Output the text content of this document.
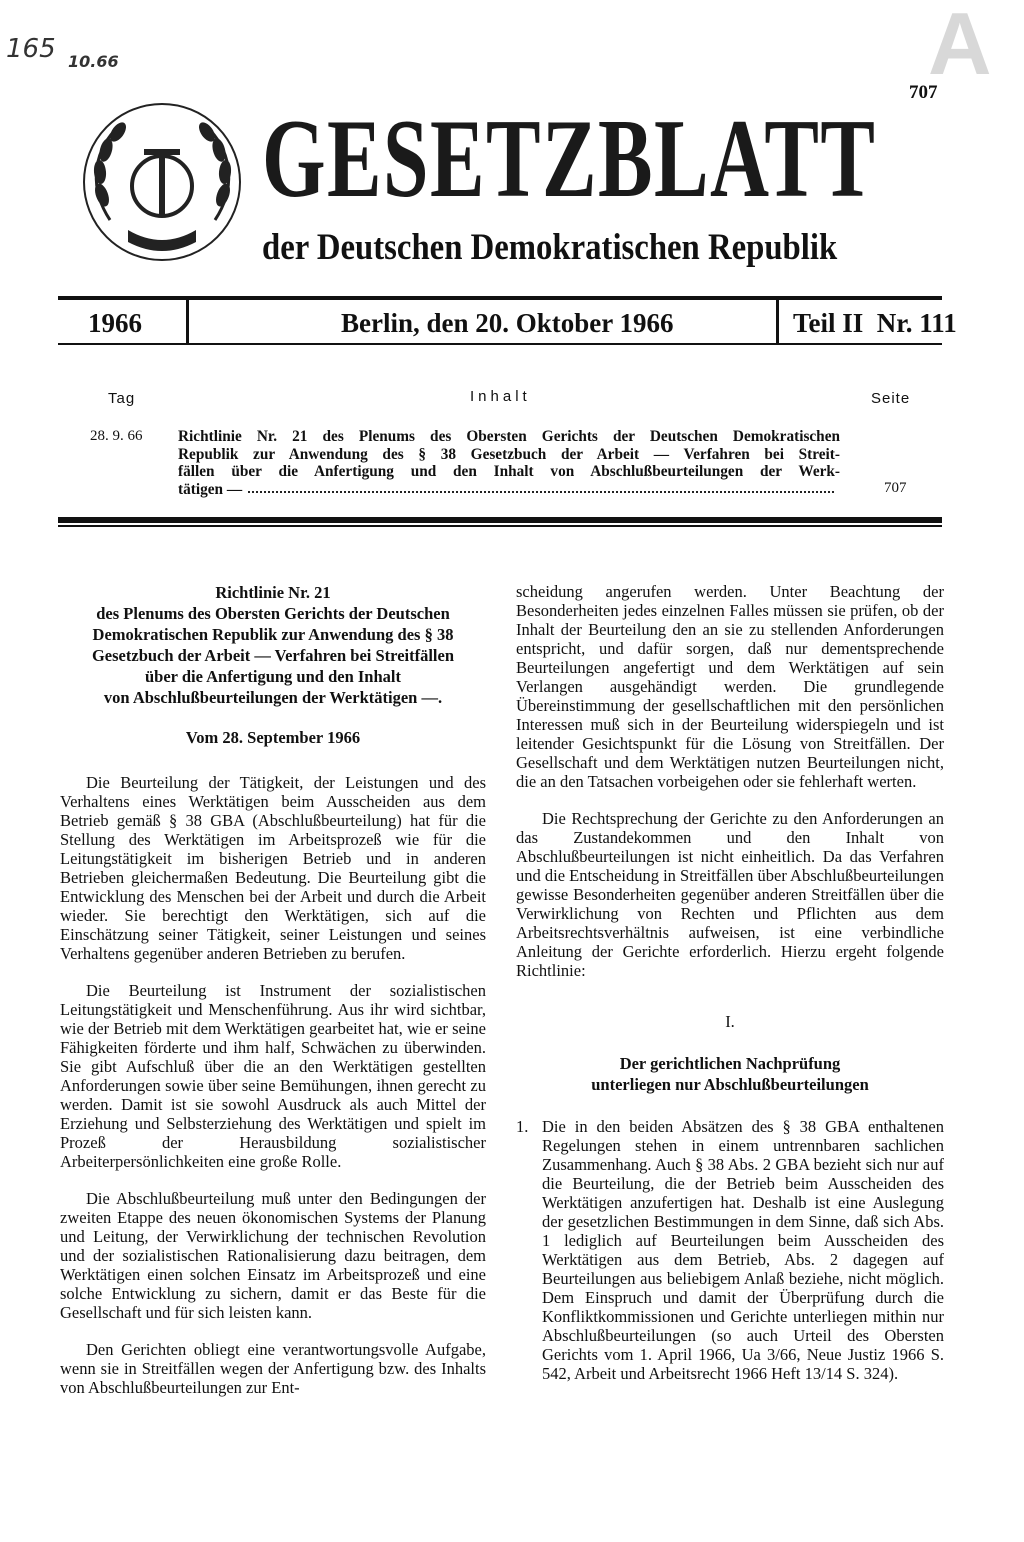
165 10.66	A
707
GESETZBLATT
der Deutschen Demokratischen Republik
1966	Berlin, den 20. Oktober 1966	Teil II  Nr. 111
Tag	Inhalt	Seite
28. 9. 66 Richtlinie Nr. 21 des Plenums des Obersten Gerichts der Deutschen Demokratischen
Republik zur Anwendung des § 38 Gesetzbuch der Arbeit — Verfahren bei Streit-
fällen über die Anfertigung und den Inhalt von Abschlußbeurteilungen der Werk-
tätigen —	707
Richtlinie Nr. 21
des Plenums des Obersten Gerichts der Deutschen
Demokratischen Republik zur Anwendung des § 38
Gesetzbuch der Arbeit — Verfahren bei Streitfällen
über die Anfertigung und den Inhalt
von Abschlußbeurteilungen der Werktätigen —.
Vom 28. September 1966

Die Beurteilung der Tätigkeit, der Leistungen und des Verhaltens eines Werktätigen beim Ausscheiden aus dem Betrieb gemäß § 38 GBA (Abschlußbeurteilung) hat für die Stellung des Werktätigen im Arbeitsprozeß wie für die Leitungstätigkeit im bisherigen Betrieb und in anderen Betrieben gleichermaßen Bedeutung. Die Beurteilung gibt die Entwicklung des Menschen bei der Arbeit und durch die Arbeit wieder. Sie berechtigt den Werktätigen, sich auf die Einschätzung seiner Tätigkeit, seiner Leistungen und seines Verhaltens gegenüber anderen Betrieben zu berufen.

Die Beurteilung ist Instrument der sozialistischen Leitungstätigkeit und Menschenführung. Aus ihr wird sichtbar, wie der Betrieb mit dem Werktätigen gearbeitet hat, wie er seine Fähigkeiten förderte und ihm half, Schwächen zu überwinden. Sie gibt Aufschluß über die an den Werktätigen gestellten Anforderungen sowie über seine Bemühungen, ihnen gerecht zu werden. Damit ist sie sowohl Ausdruck als auch Mittel der Erziehung und Selbsterziehung des Werktätigen und spielt im Prozeß der Herausbildung sozialistischer Arbeiterpersönlichkeiten eine große Rolle.

Die Abschlußbeurteilung muß unter den Bedingungen der zweiten Etappe des neuen ökonomischen Systems der Planung und Leitung, der Verwirklichung der technischen Revolution und der sozialistischen Rationalisierung dazu beitragen, dem Werktätigen einen solchen Einsatz im Arbeitsprozeß und eine solche Entwicklung zu sichern, damit er das Beste für die Gesellschaft und für sich leisten kann.

Den Gerichten obliegt eine verantwortungsvolle Aufgabe, wenn sie in Streitfällen wegen der Anfertigung bzw. des Inhalts von Abschlußbeurteilungen zur Ent-

scheidung angerufen werden. Unter Beachtung der Besonderheiten jedes einzelnen Falles müssen sie prüfen, ob der Inhalt der Beurteilung den an sie zu stellenden Anforderungen entspricht, und dafür sorgen, daß nur dementsprechende Beurteilungen angefertigt und dem Werktätigen auf sein Verlangen ausgehändigt werden. Die grundlegende Übereinstimmung der gesellschaftlichen mit den persönlichen Interessen muß sich in der Beurteilung widerspiegeln und ist leitender Gesichtspunkt für die Lösung von Streitfällen. Der Gesellschaft und dem Werktätigen nutzen Beurteilungen nicht, die an den Tatsachen vorbeigehen oder sie fehlerhaft werten.

Die Rechtsprechung der Gerichte zu den Anforderungen an das Zustandekommen und den Inhalt von Abschlußbeurteilungen ist nicht einheitlich. Da das Verfahren und die Entscheidung in Streitfällen über Abschlußbeurteilungen gewisse Besonderheiten gegenüber anderen Streitfällen über die Verwirklichung von Rechten und Pflichten aus dem Arbeitsrechtsverhältnis aufweisen, ist eine verbindliche Anleitung der Gerichte erforderlich. Hierzu ergeht folgende Richtlinie:

I.
Der gerichtlichen Nachprüfung
unterliegen nur Abschlußbeurteilungen
1. Die in den beiden Absätzen des § 38 GBA enthaltenen Regelungen stehen in einem untrennbaren sachlichen Zusammenhang. Auch § 38 Abs. 2 GBA bezieht sich nur auf die Beurteilung, die der Betrieb beim Ausscheiden des Werktätigen anzufertigen hat. Deshalb ist eine Auslegung der gesetzlichen Bestimmungen in dem Sinne, daß sich Abs. 1 lediglich auf Beurteilungen beim Ausscheiden des Werktätigen aus dem Betrieb, Abs. 2 dagegen auf Beurteilungen aus beliebigem Anlaß beziehe, nicht möglich. Dem Einspruch und damit der Überprüfung durch die Konfliktkommissionen und Gerichte unterliegen mithin nur Abschlußbeurteilungen (so auch Urteil des Obersten Gerichts vom 1. April 1966, Ua 3/66, Neue Justiz 1966 S. 542, Arbeit und Arbeitsrecht 1966 Heft 13/14 S. 324).
